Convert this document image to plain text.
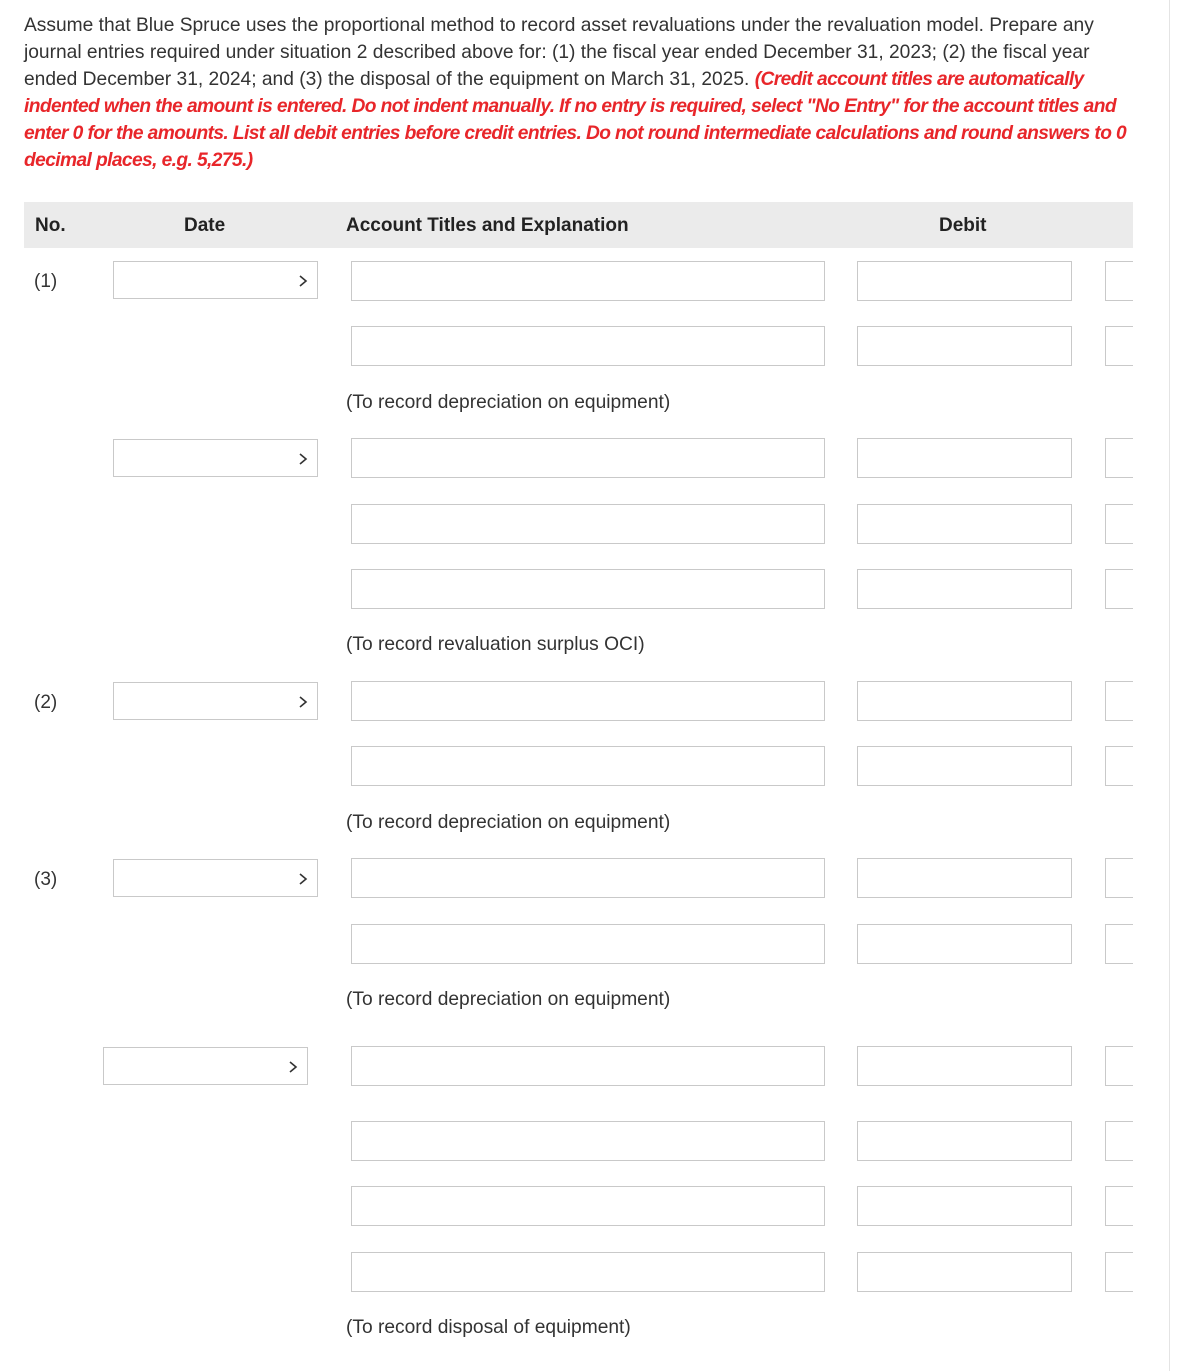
Assume that Blue Spruce uses the proportional method to record asset revaluations under the revaluation model. Prepare any journal entries required under situation 2 described above for: (1) the fiscal year ended December 31, 2023; (2) the fiscal year ended December 31, 2024; and (3) the disposal of the equipment on March 31, 2025. (Credit account titles are automatically indented when the amount is entered. Do not indent manually. If no entry is required, select "No Entry" for the account titles and enter 0 for the amounts. List all debit entries before credit entries. Do not round intermediate calculations and round answers to 0 decimal places, e.g. 5,275.)
No.	Date	Account Titles and Explanation	Debit
(1)
(To record depreciation on equipment)
(To record revaluation surplus OCI)
(2)
(To record depreciation on equipment)
(3)
(To record depreciation on equipment)
(To record disposal of equipment)
